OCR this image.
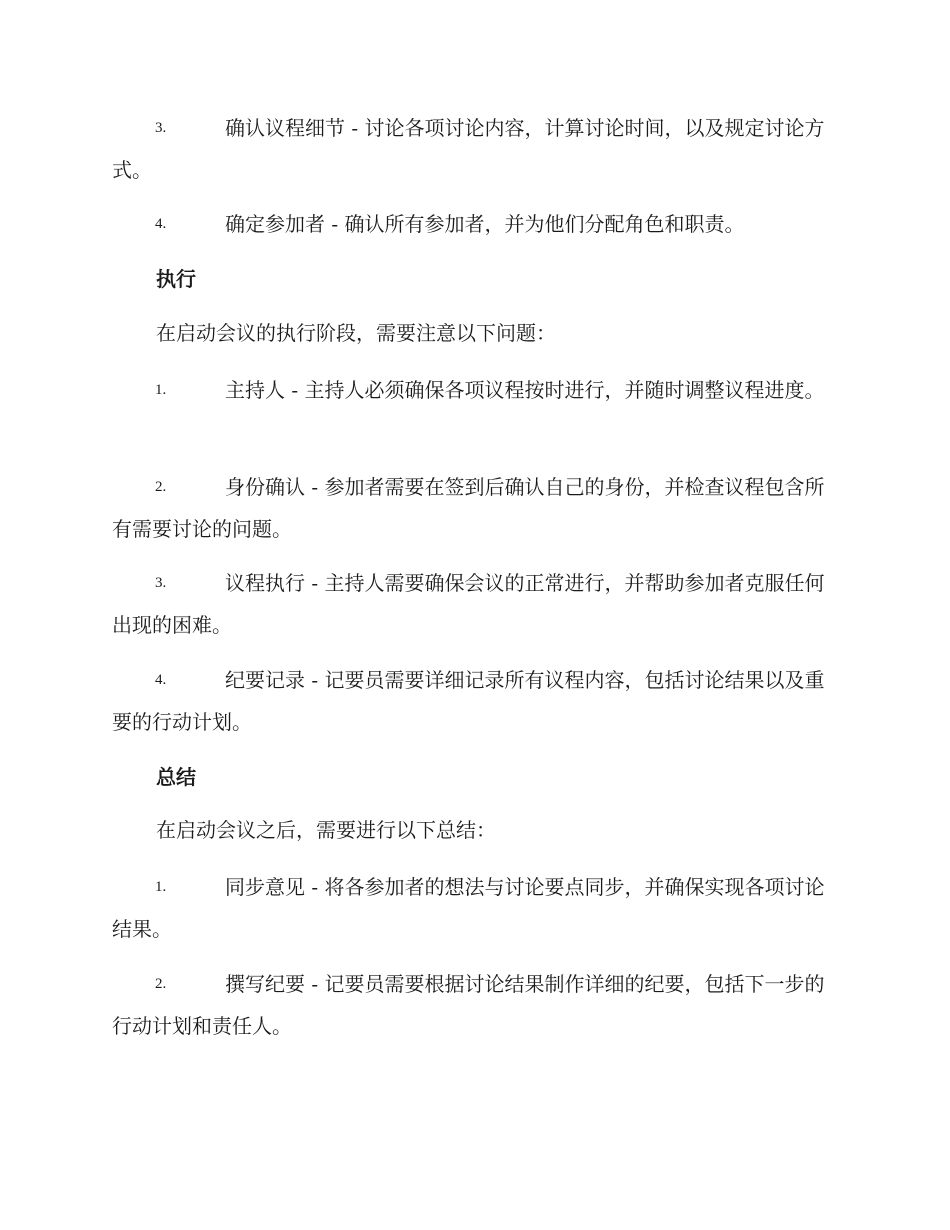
3.	确认议程细节 - 讨论各项讨论内容，计算讨论时间，以及规定讨论方式。
4.	确定参加者 - 确认所有参加者，并为他们分配角色和职责。
执行
在启动会议的执行阶段，需要注意以下问题：
1.	主持人 - 主持人必须确保各项议程按时进行，并随时调整议程进度。
2.	身份确认 - 参加者需要在签到后确认自己的身份，并检查议程包含所有需要讨论的问题。
3.	议程执行 - 主持人需要确保会议的正常进行，并帮助参加者克服任何出现的困难。
4.	纪要记录 - 记要员需要详细记录所有议程内容，包括讨论结果以及重要的行动计划。
总结
在启动会议之后，需要进行以下总结：
1.	同步意见 - 将各参加者的想法与讨论要点同步，并确保实现各项讨论结果。
2.	撰写纪要 - 记要员需要根据讨论结果制作详细的纪要，包括下一步的行动计划和责任人。
